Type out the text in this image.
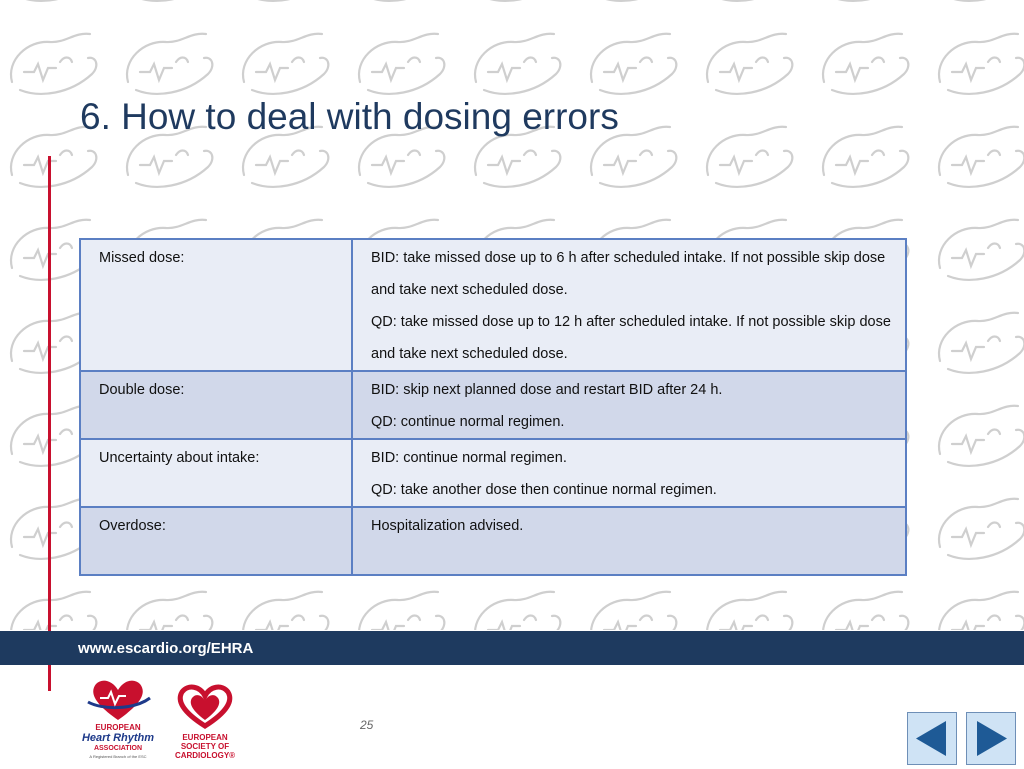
6. How to deal with dosing errors
Missed dose:	BID: take missed dose up to 6 h after scheduled intake. If not possible skip dose and take next scheduled dose.

QD: take missed dose up to 12 h after scheduled intake. If not possible skip dose and take next scheduled dose.

Double dose:	BID: skip next planned dose and restart BID after 24 h.

QD: continue normal regimen.

Uncertainty about intake:	BID: continue normal regimen.

QD: take another dose then continue normal regimen.

Overdose:	Hospitalization advised.

www.escardio.org/EHRA
EUROPEAN
Heart Rhythm
ASSOCIATION
A Registered Branch of the ESC
EUROPEAN
SOCIETY OF
CARDIOLOGY®
25
